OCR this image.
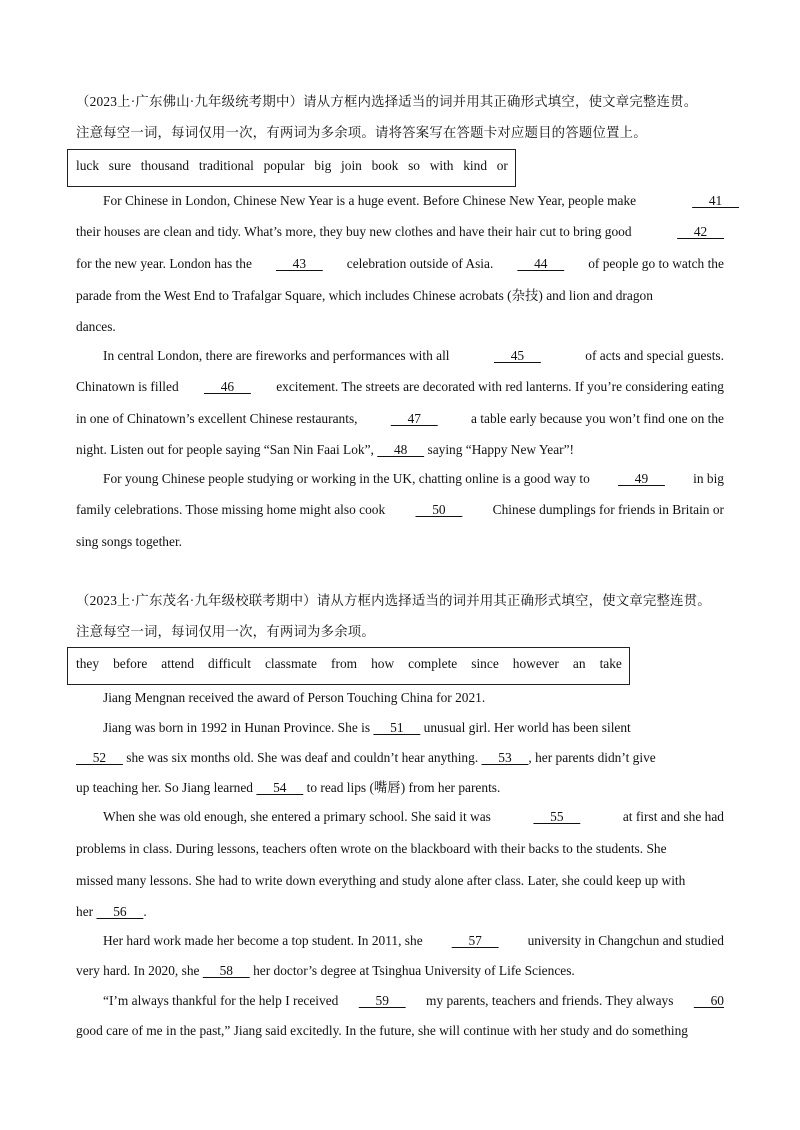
（2023上·广东佛山·九年级统考期中）请从方框内选择适当的词并用其正确形式填空，使文章完整连贯。
注意每空一词，每词仅用一次，有两词为多余项。请将答案写在答题卡对应题目的答题位置上。
luck sure thousand traditional popular big join book so with kind or
For Chinese in London, Chinese New Year is a huge event. Before Chinese New Year, people make	41
their houses are clean and tidy. What’s more, they buy new clothes and have their hair cut to bring good	42
for the new year. London has the 43 celebration outside of Asia. 44 of people go to watch the
parade from the West End to Trafalgar Square, which includes Chinese acrobats (杂技) and lion and dragon
dances.
In central London, there are fireworks and performances with all	45	of acts and special guests.
Chinatown is filled 46 excitement. The streets are decorated with red lanterns. If you’re considering eating
in one of Chinatown’s excellent Chinese restaurants, 47 a table early because you won’t find one on the
night. Listen out for people saying “San Nin Faai Lok”,      48      saying “Happy New Year”!
For young Chinese people studying or working in the UK, chatting online is a good way to 49 in big
family celebrations. Those missing home might also cook 50 Chinese dumplings for friends in Britain or
sing songs together.
（2023上·广东茂名·九年级校联考期中）请从方框内选择适当的词并用其正确形式填空，使文章完整连贯。
注意每空一词，每词仅用一次，有两词为多余项。
they before attend difficult classmate from how complete since however an take
Jiang Mengnan received the award of Person Touching China for 2021.
Jiang was born in 1992 in Hunan Province. She is      51      unusual girl. Her world has been silent
52      she was six months old. She was deaf and couldn’t hear anything.      53     , her parents didn’t give
up teaching her. So Jiang learned      54      to read lips (嘴唇) from her parents.
When she was old enough, she entered a primary school. She said it was	55	at first and she had
problems in class. During lessons, teachers often wrote on the blackboard with their backs to the students. She
missed many lessons. She had to write down everything and study alone after class. Later, she could keep up with
her      56     .
Her hard work made her become a top student. In 2011, she 57 university in Changchun and studied
very hard. In 2020, she      58      her doctor’s degree at Tsinghua University of Life Sciences.
“I’m always thankful for the help I received 59 my parents, teachers and friends. They always 60
good care of me in the past,” Jiang said excitedly. In the future, she will continue with her study and do something
